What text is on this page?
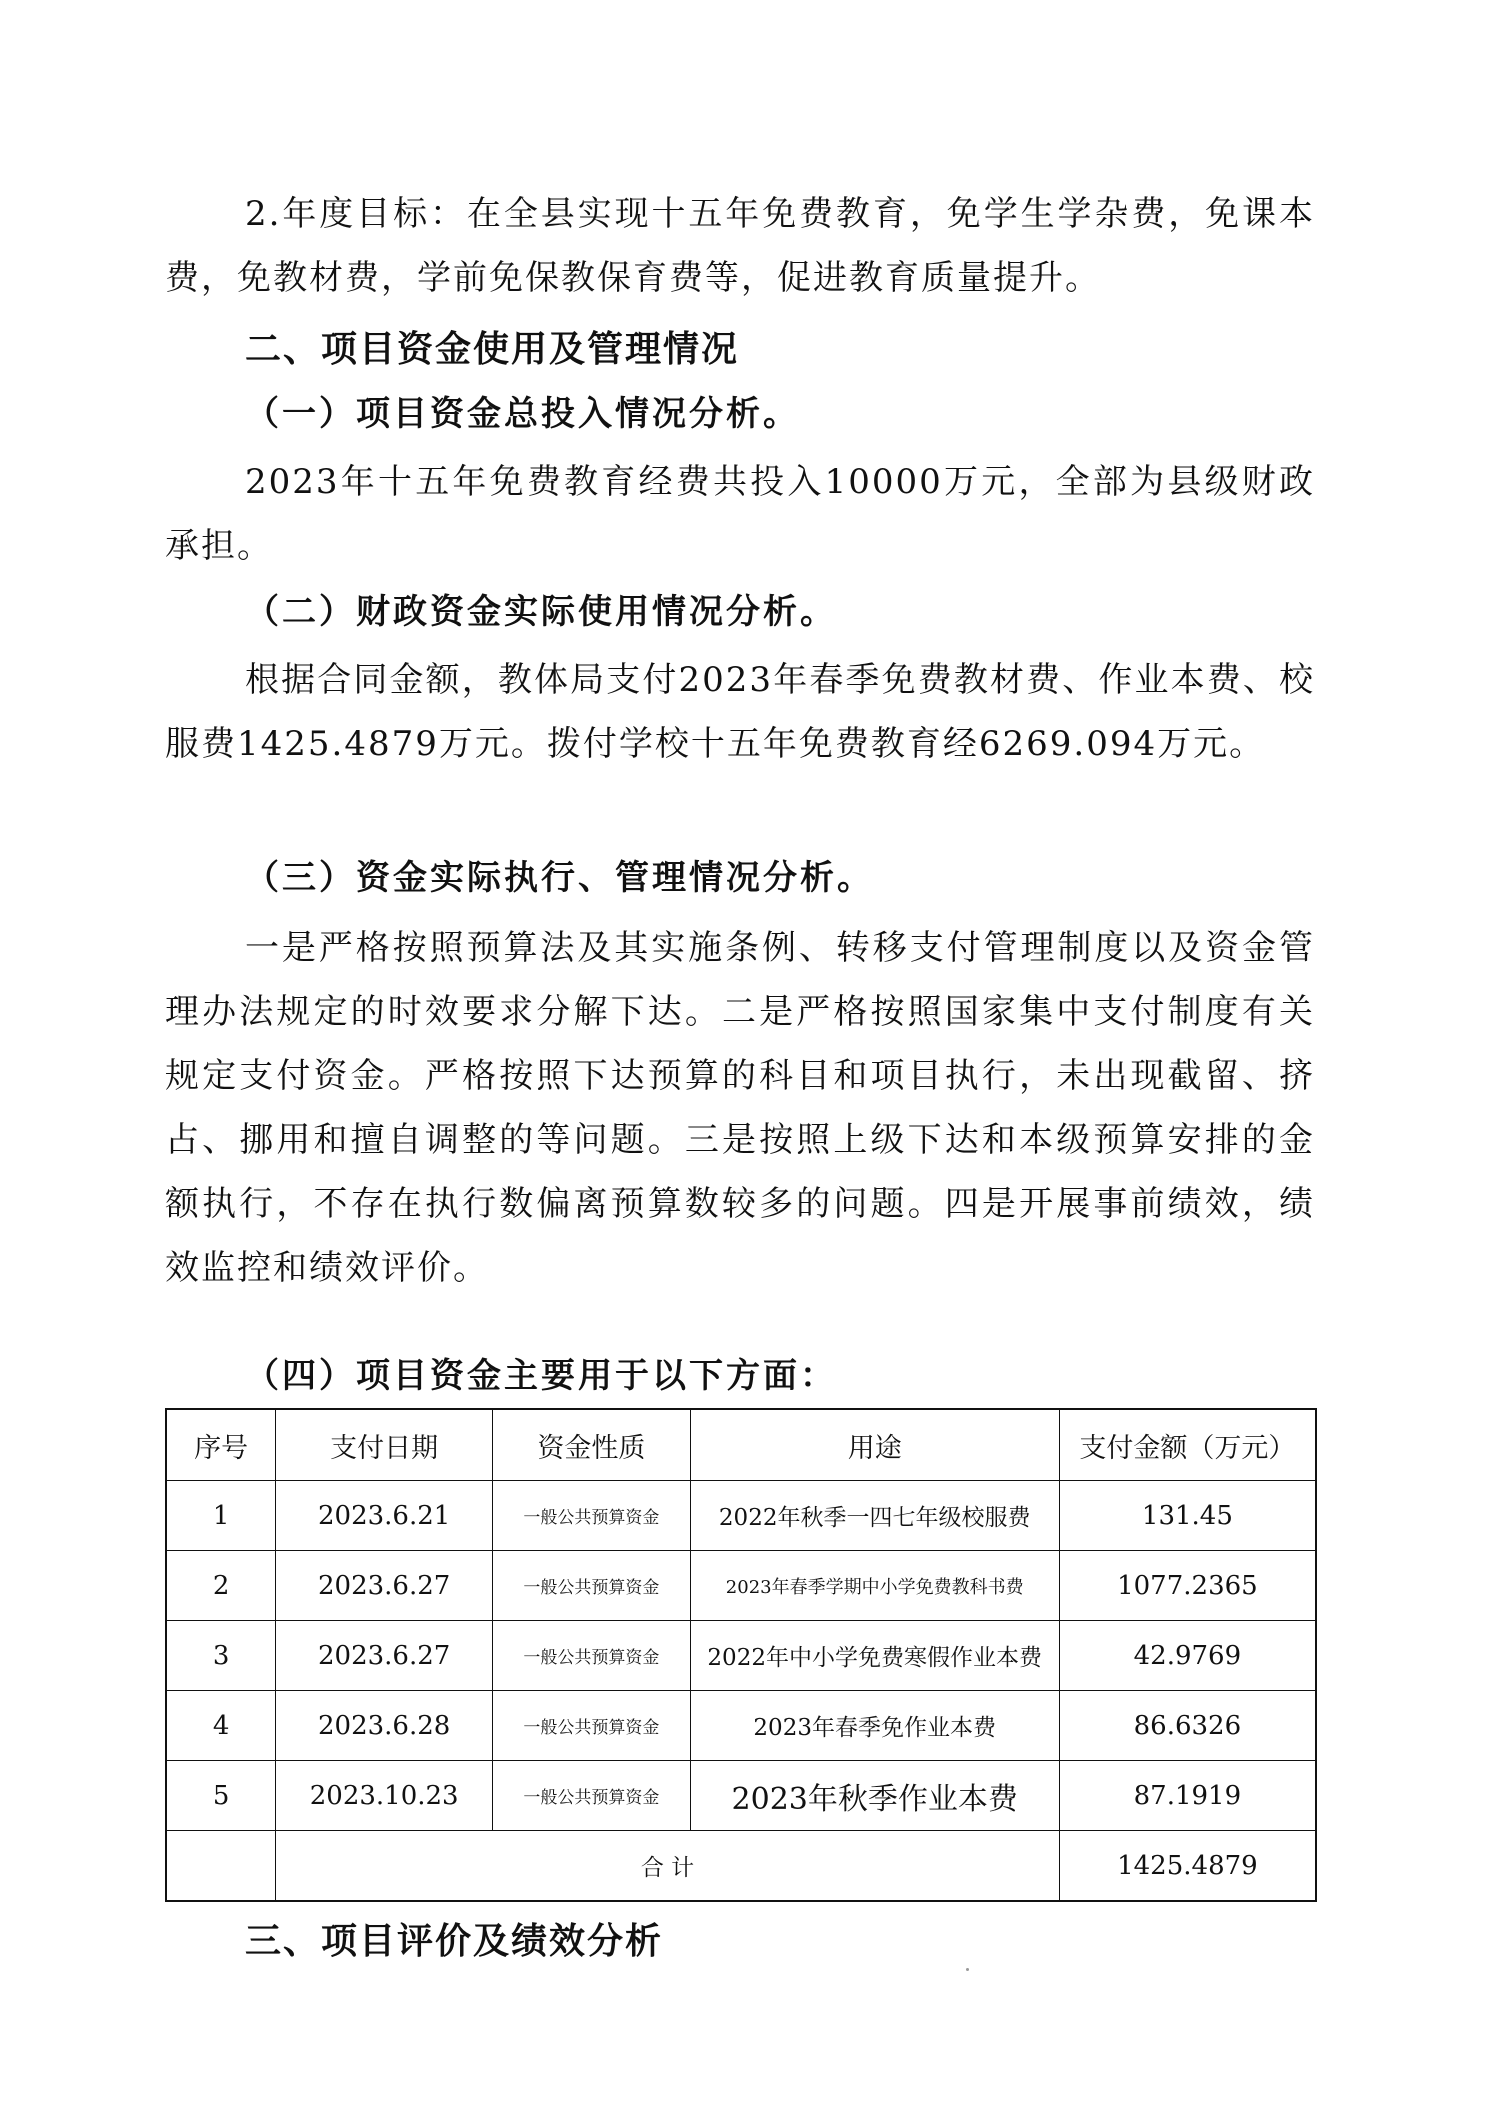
2.年度目标：在全县实现十五年免费教育，免学生学杂费，免课本费，免教材费，学前免保教保育费等，促进教育质量提升。

二、项目资金使用及管理情况
（一）项目资金总投入情况分析。

2023年十五年免费教育经费共投入10000万元，全部为县级财政承担。

（二）财政资金实际使用情况分析。

根据合同金额，教体局支付2023年春季免费教材费、作业本费、校服费1425.4879万元。拨付学校十五年免费教育经6269.094万元。

（三）资金实际执行、管理情况分析。

一是严格按照预算法及其实施条例、转移支付管理制度以及资金管理办法规定的时效要求分解下达。二是严格按照国家集中支付制度有关规定支付资金。严格按照下达预算的科目和项目执行，未出现截留、挤占、挪用和擅自调整的等问题。三是按照上级下达和本级预算安排的金额执行，不存在执行数偏离预算数较多的问题。四是开展事前绩效，绩效监控和绩效评价。

（四）项目资金主要用于以下方面：
序号	支付日期	资金性质	用途	支付金额（万元）
1	2023.6.21	一般公共预算资金	2022年秋季一四七年级校服费	131.45
2	2023.6.27	一般公共预算资金	2023年春季学期中小学免费教科书费	1077.2365
3	2023.6.27	一般公共预算资金	2022年中小学免费寒假作业本费	42.9769
4	2023.6.28	一般公共预算资金	2023年春季免作业本费	86.6326
5	2023.10.23	一般公共预算资金	2023年秋季作业本费	87.1919
	合 计			1425.4879
三、项目评价及绩效分析
